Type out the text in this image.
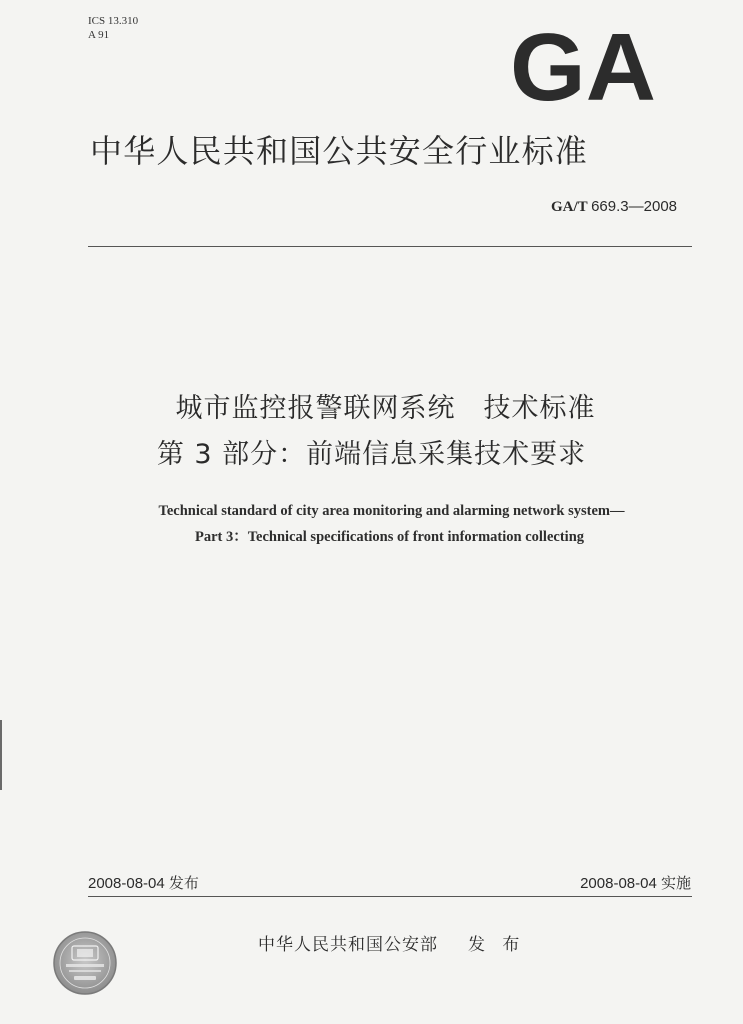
ICS 13.310
A 91	GA
中华人民共和国公共安全行业标准
GA/T 669.3—2008
城市监控报警联网系统　技术标准
第 3 部分：前端信息采集技术要求
Technical standard of city area monitoring and alarming network system—
Part 3：Technical specifications of front information collecting
2008-08-04 发布	2008-08-04 实施
中华人民共和国公安部 发 布
